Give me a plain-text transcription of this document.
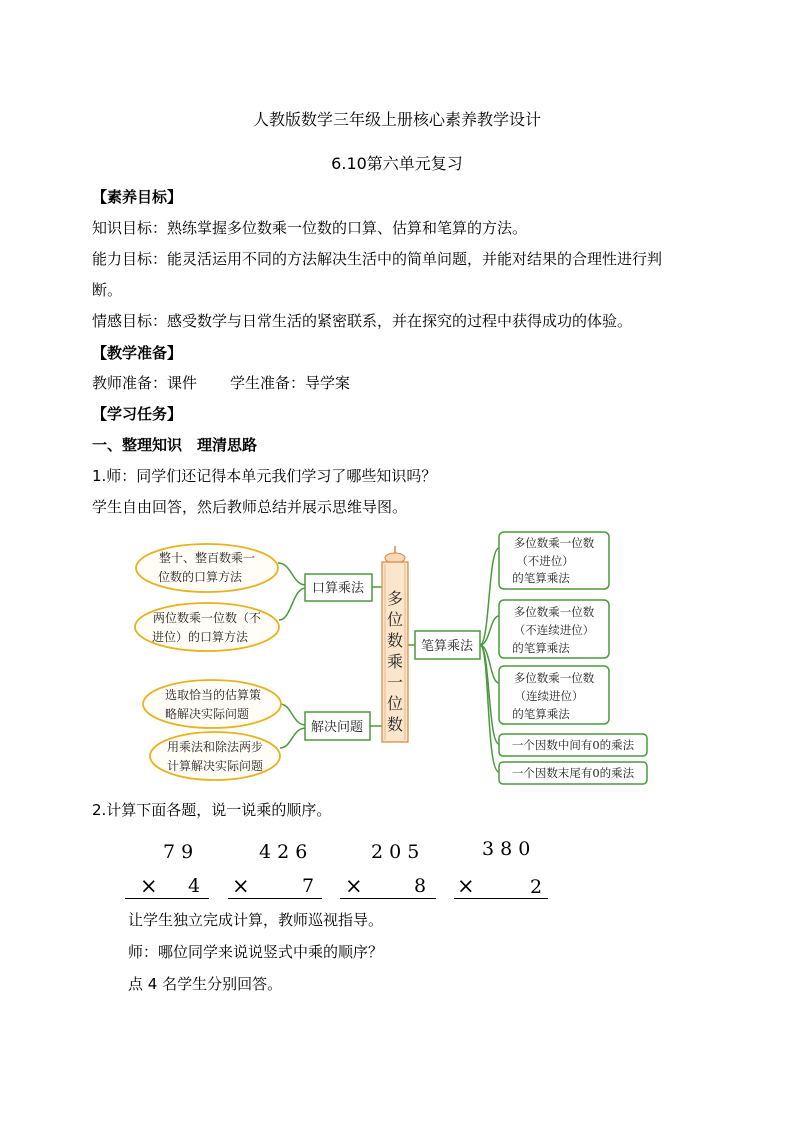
人教版数学三年级上册核心素养教学设计
6.10第六单元复习
【素养目标】
知识目标：熟练掌握多位数乘一位数的口算、估算和笔算的方法。
能力目标：能灵活运用不同的方法解决生活中的简单问题，并能对结果的合理性进行判
断。
情感目标：感受数学与日常生活的紧密联系，并在探究的过程中获得成功的体验。
【教学准备】
教师准备：课件 学生准备：导学案
【学习任务】
一、整理知识　理清思路
1.师：同学们还记得本单元我们学习了哪些知识吗？
学生自由回答，然后教师总结并展示思维导图。
整十、整百数乘一
位数的口算方法
两位数乘一位数（不
进位）的口算方法
选取恰当的估算策
略解决实际问题
用乘法和除法两步
计算解决实际问题
口算乘法
解决问题
笔算乘法
多
位
数
乘
一
位
数
多位数乘一位数
（不进位）
的笔算乘法
多位数乘一位数
（不连续进位）
的笔算乘法
多位数乘一位数
（连续进位）
的笔算乘法
一个因数中间有0的乘法
一个因数末尾有0的乘法
2.计算下面各题，说一说乘的顺序。
7 9
× 4
4 2 6
×	7
2 0 5
×	8
3 8 0
×	2
让学生独立完成计算，教师巡视指导。
师：哪位同学来说说竖式中乘的顺序？
点 4 名学生分别回答。
